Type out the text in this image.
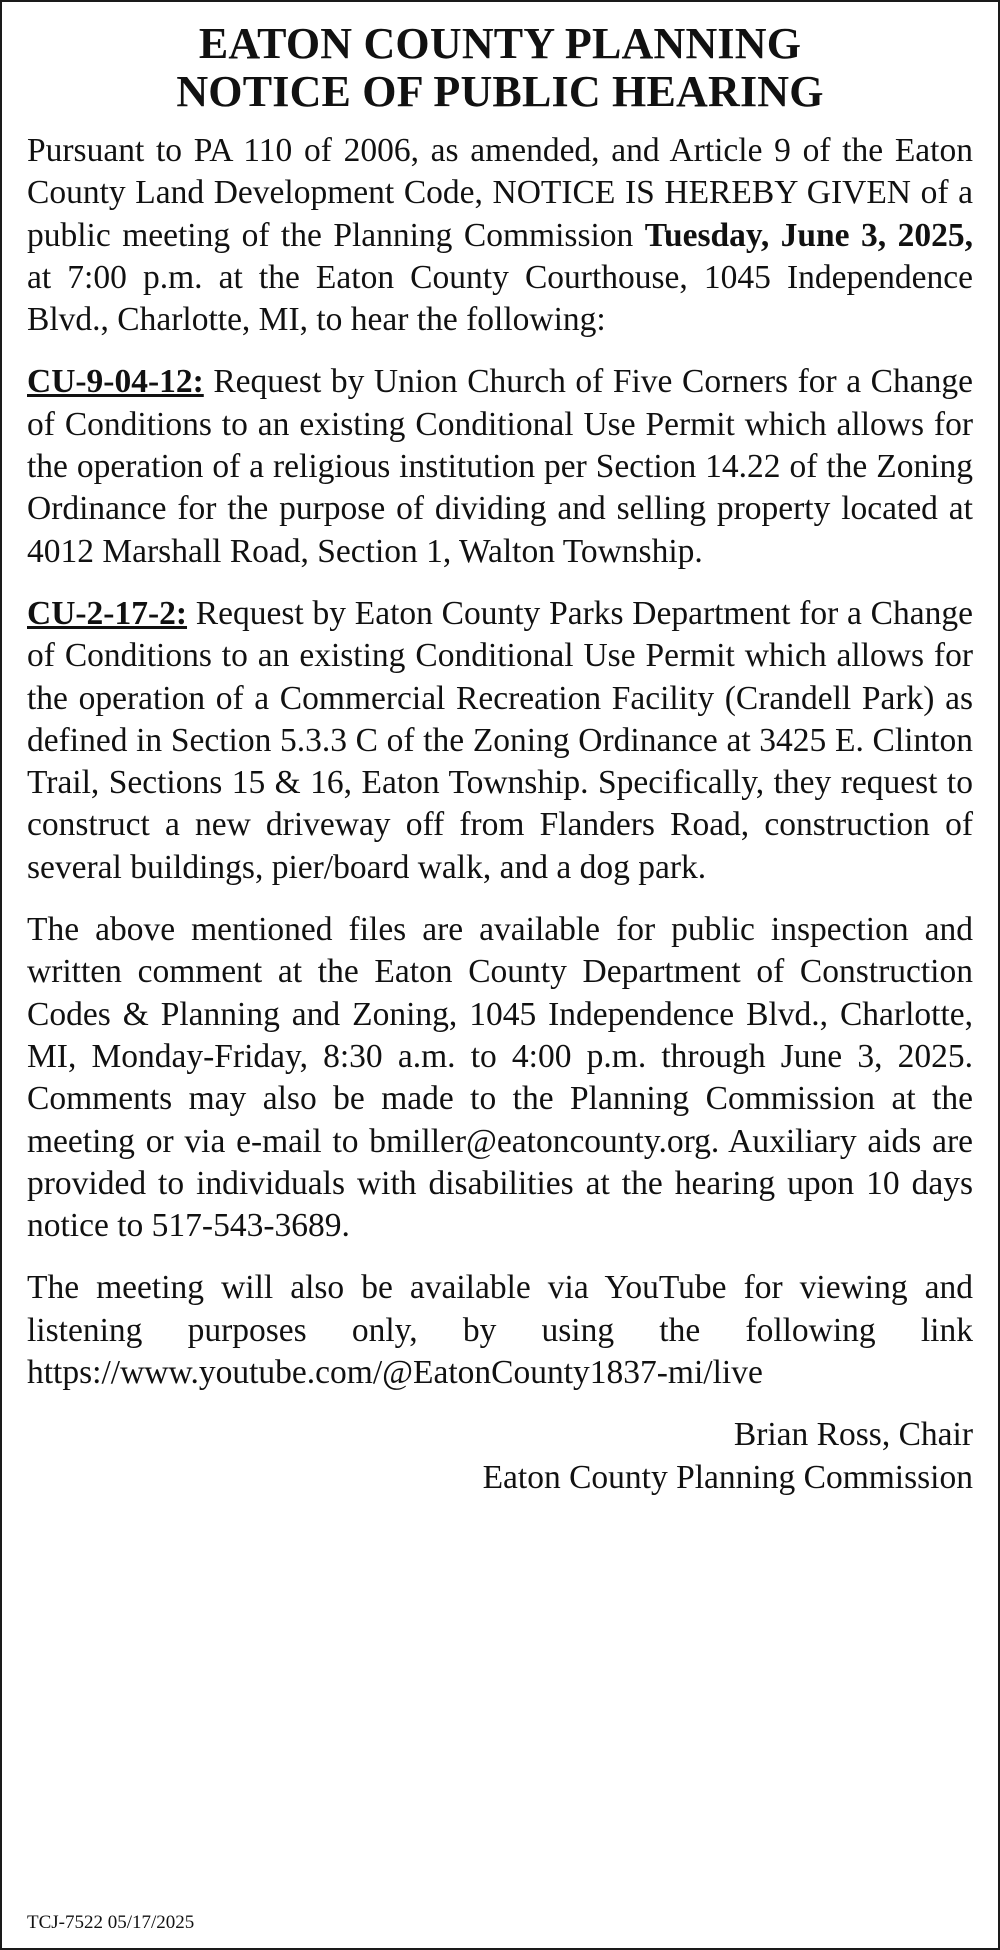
EATON COUNTY PLANNING
NOTICE OF PUBLIC HEARING

Pursuant to PA 110 of 2006, as amended, and Article 9 of the Eaton County Land Development Code, NOTICE IS HEREBY GIVEN of a public meeting of the Planning Commission Tuesday, June 3, 2025, at 7:00 p.m. at the Eaton County Courthouse, 1045 Independence Blvd., Charlotte, MI, to hear the following:

CU-9-04-12: Request by Union Church of Five Corners for a Change of Conditions to an existing Conditional Use Permit which allows for the operation of a religious institution per Section 14.22 of the Zoning Ordinance for the purpose of dividing and selling property located at 4012 Marshall Road, Section 1, Walton Township.

CU-2-17-2: Request by Eaton County Parks Department for a Change of Conditions to an existing Conditional Use Permit which allows for the operation of a Commercial Recreation Facility (Crandell Park) as defined in Section 5.3.3 C of the Zoning Ordinance at 3425 E. Clinton Trail, Sections 15 & 16, Eaton Township. Specifically, they request to construct a new driveway off from Flanders Road, construction of several buildings, pier/board walk, and a dog park.

The above mentioned files are available for public inspection and written comment at the Eaton County Department of Construction Codes & Planning and Zoning, 1045 Independence Blvd., Charlotte, MI, Monday-Friday, 8:30 a.m. to 4:00 p.m. through June 3, 2025. Comments may also be made to the Planning Commission at the meeting or via e-mail to bmiller@eatoncounty.org. Auxiliary aids are provided to individuals with disabilities at the hearing upon 10 days notice to 517-543-3689.

The meeting will also be available via YouTube for viewing and listening purposes only, by using the following link https://www.youtube.com/@EatonCounty1837-mi/live

Brian Ross, Chair
Eaton County Planning Commission
TCJ-7522 05/17/2025
